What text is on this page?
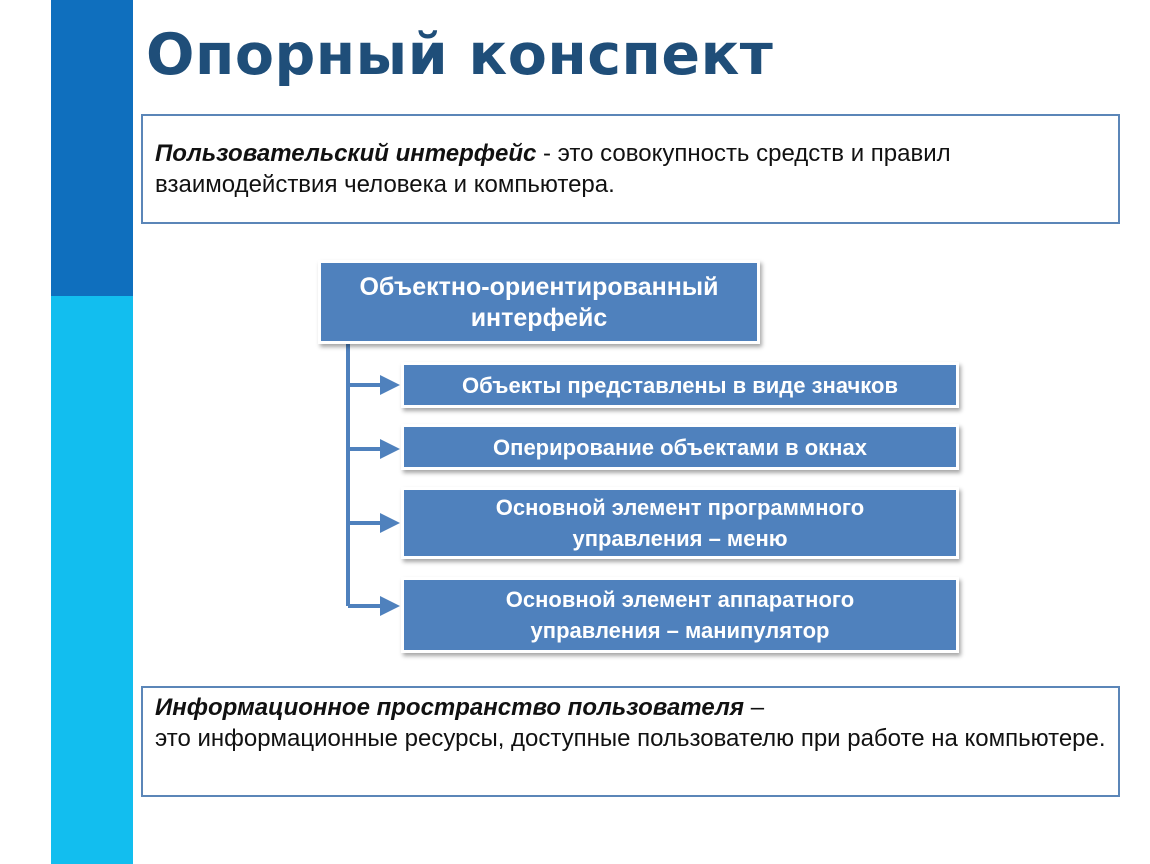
Опорный конспект
Пользовательский интерфейс - это совокупность средств и правил взаимодействия человека и компьютера.
Объектно-ориентированный интерфейс
Объекты представлены в виде значков
Оперирование объектами в окнах
Основной элемент программного управления – меню
Основной элемент аппаратного управления – манипулятор
Информационное пространство пользователя –
это информационные ресурсы, доступные пользователю при работе на компьютере.
